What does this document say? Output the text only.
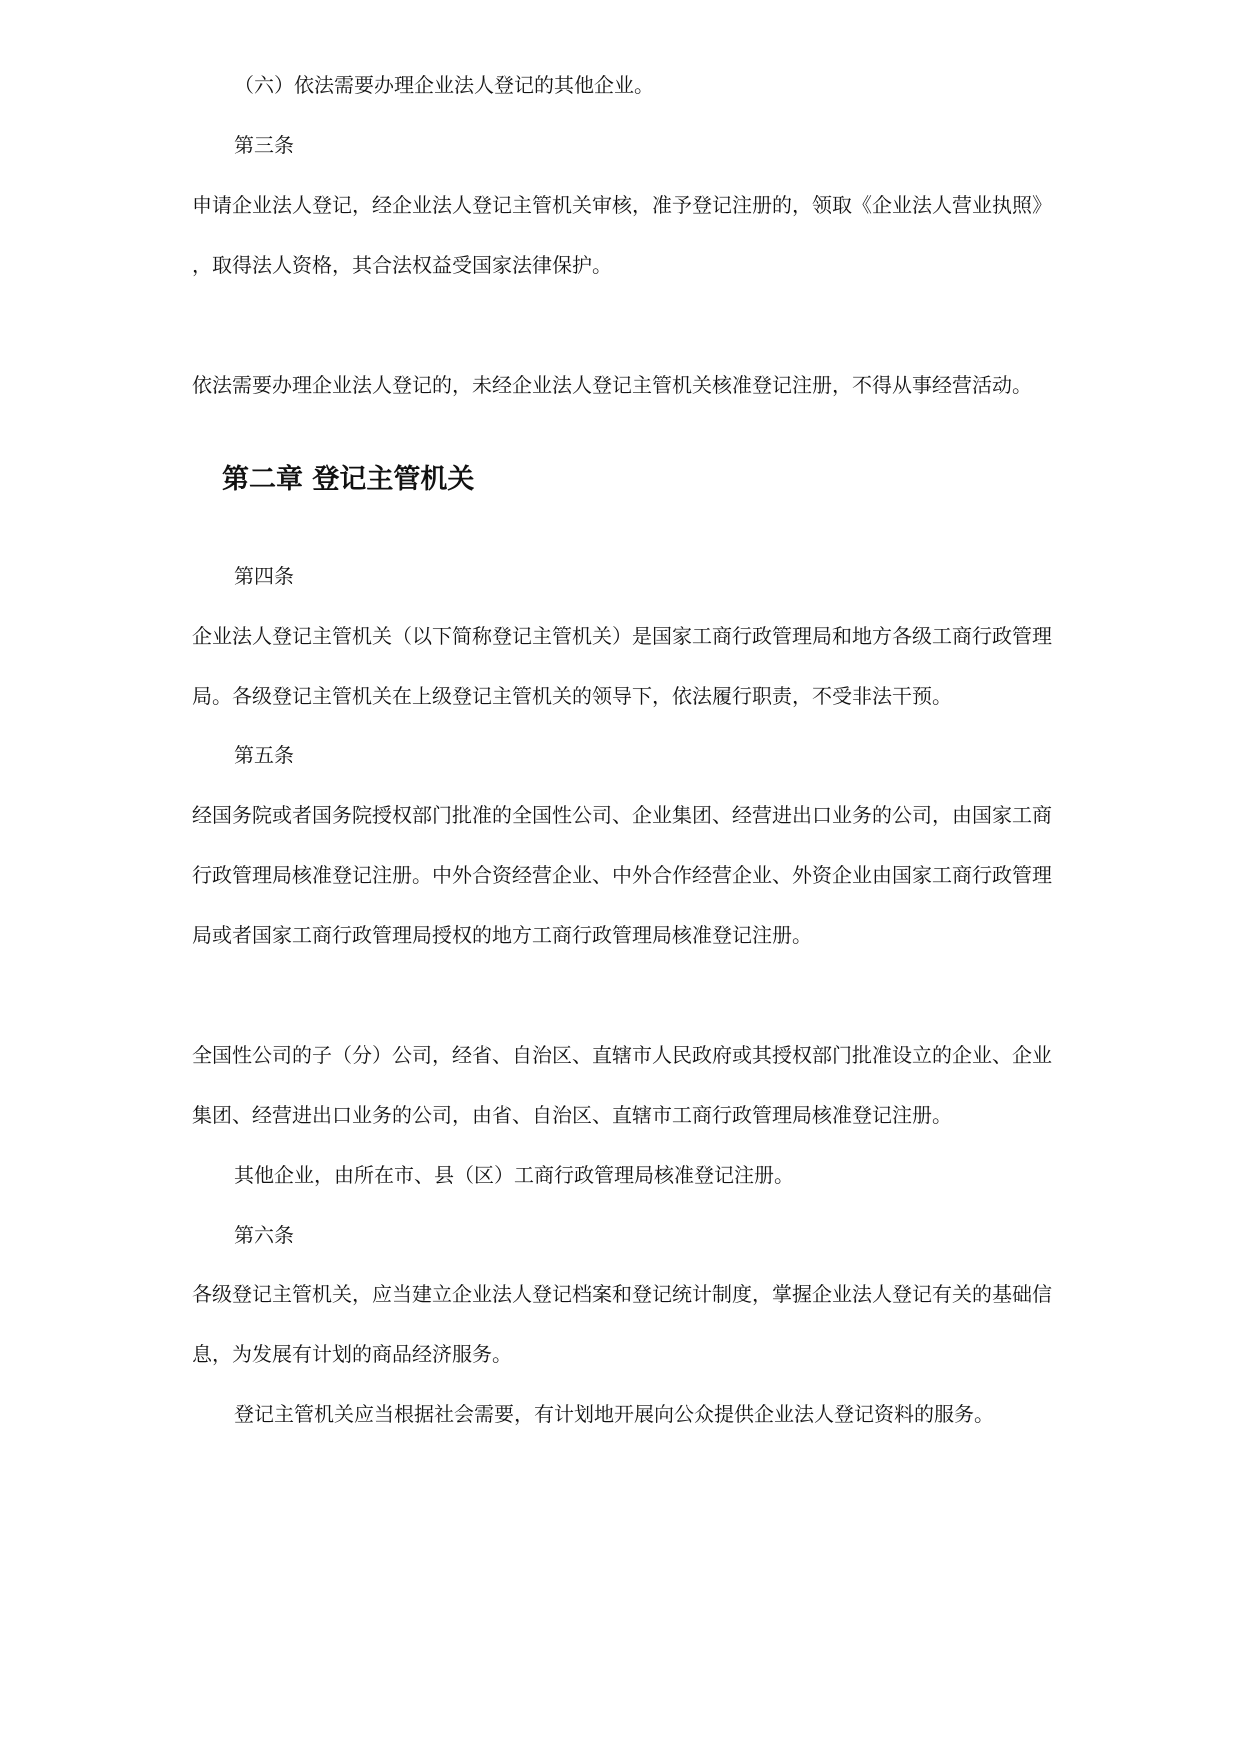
（六）依法需要办理企业法人登记的其他企业。
第三条
申请企业法人登记，经企业法人登记主管机关审核，准予登记注册的，领取《企业法人营业执照》
，取得法人资格，其合法权益受国家法律保护。
依法需要办理企业法人登记的，未经企业法人登记主管机关核准登记注册，不得从事经营活动。
第二章 登记主管机关
第四条
企业法人登记主管机关（以下简称登记主管机关）是国家工商行政管理局和地方各级工商行政管理
局。各级登记主管机关在上级登记主管机关的领导下，依法履行职责，不受非法干预。
第五条
经国务院或者国务院授权部门批准的全国性公司、企业集团、经营进出口业务的公司，由国家工商
行政管理局核准登记注册。中外合资经营企业、中外合作经营企业、外资企业由国家工商行政管理
局或者国家工商行政管理局授权的地方工商行政管理局核准登记注册。
全国性公司的子（分）公司，经省、自治区、直辖市人民政府或其授权部门批准设立的企业、企业
集团、经营进出口业务的公司，由省、自治区、直辖市工商行政管理局核准登记注册。
其他企业，由所在市、县（区）工商行政管理局核准登记注册。
第六条
各级登记主管机关，应当建立企业法人登记档案和登记统计制度，掌握企业法人登记有关的基础信
息，为发展有计划的商品经济服务。
登记主管机关应当根据社会需要，有计划地开展向公众提供企业法人登记资料的服务。
